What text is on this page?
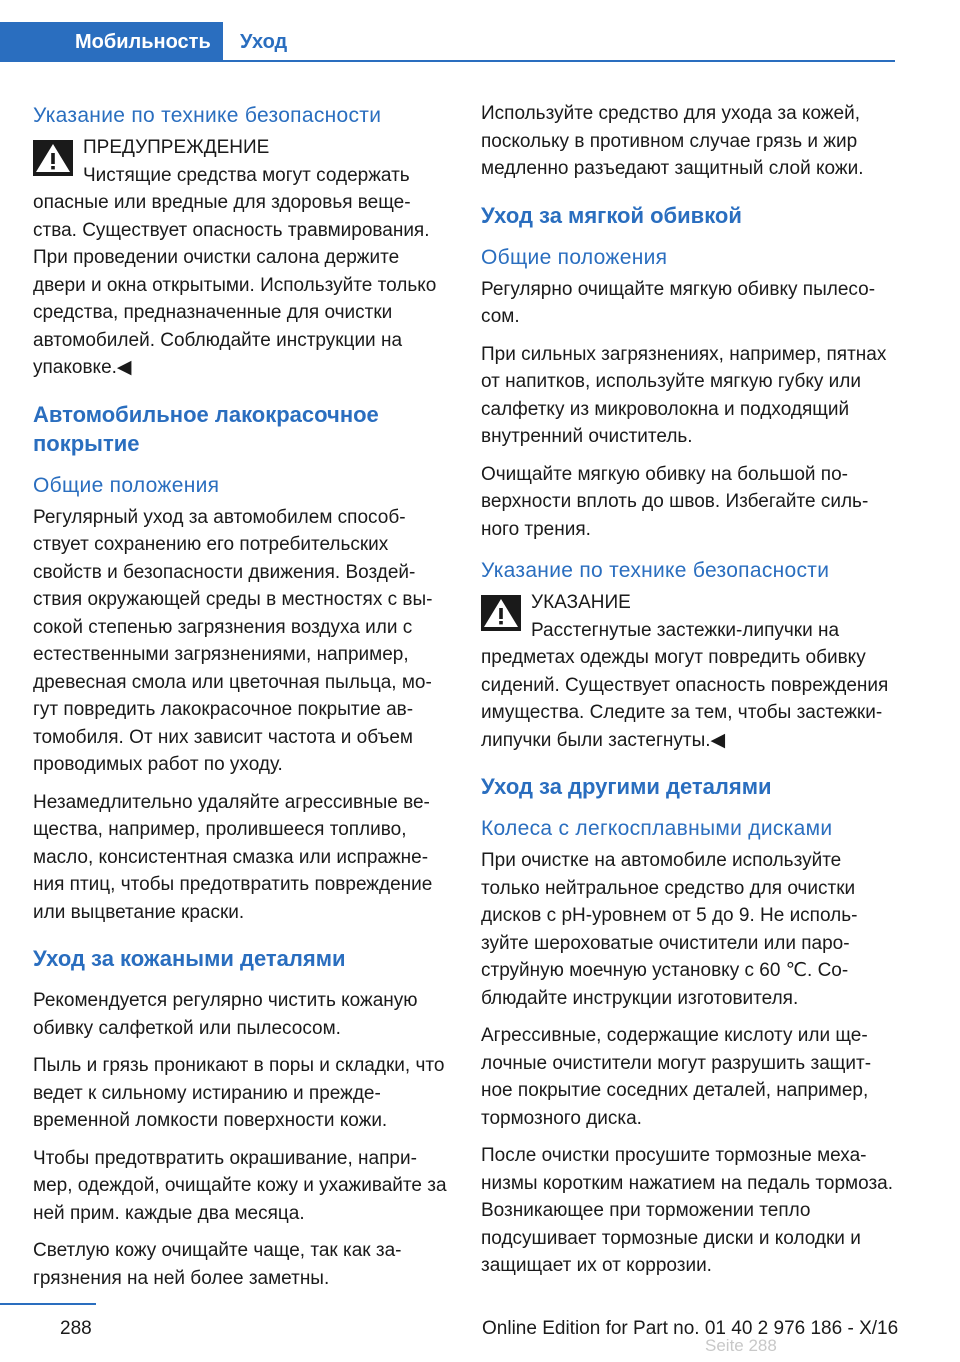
Мобильность	Уход
Указание по технике безопасности
ПРЕДУПРЕЖДЕНИЕ
Чистящие средства могут содержать опасные или вредные для здоровья вещества. Существует опасность травмирования. При проведении очистки салона держите двери и окна открытыми. Используйте только средства, предназначенные для очистки автомобилей. Соблюдайте инструкции на упаковке.◀
Автомобильное лакокрасочное покрытие
Общие положения

Регулярный уход за автомобилем способствует сохранению его потребительских свойств и безопасности движения. Воздействия окружающей среды в местностях с высокой степенью загрязнения воздуха или с естественными загрязнениями, например, древесная смола или цветочная пыльца, могут повредить лакокрасочное покрытие автомобиля. От них зависит частота и объем проводимых работ по уходу.

Незамедлительно удаляйте агрессивные вещества, например, пролившееся топливо, масло, консистентная смазка или испражнения птиц, чтобы предотвратить повреждение или выцветание краски.

Уход за кожаными деталями

Рекомендуется регулярно чистить кожаную обивку салфеткой или пылесосом.

Пыль и грязь проникают в поры и складки, что ведет к сильному истиранию и преждевременной ломкости поверхности кожи.

Чтобы предотвратить окрашивание, например, одеждой, очищайте кожу и ухаживайте за ней прим. каждые два месяца.

Светлую кожу очищайте чаще, так как загрязнения на ней более заметны.

Используйте средство для ухода за кожей, поскольку в противном случае грязь и жир медленно разъедают защитный слой кожи.

Уход за мягкой обивкой
Общие положения

Регулярно очищайте мягкую обивку пылесосом.

При сильных загрязнениях, например, пятнах от напитков, используйте мягкую губку или салфетку из микроволокна и подходящий внутренний очиститель.

Очищайте мягкую обивку на большой поверхности вплоть до швов. Избегайте сильного трения.

Указание по технике безопасности
УКАЗАНИЕ
Расстегнутые застежки-липучки на предметах одежды могут повредить обивку сидений. Существует опасность повреждения имущества. Следите за тем, чтобы застежки-липучки были застегнуты.◀
Уход за другими деталями
Колеса с легкосплавными дисками

При очистке на автомобиле используйте только нейтральное средство для очистки дисков с pH-уровнем от 5 до 9. Не используйте шероховатые очистители или пароструйную моечную установку с 60 ℃. Соблюдайте инструкции изготовителя.

Агрессивные, содержащие кислоту или щелочные очистители могут разрушить защитное покрытие соседних деталей, например, тормозного диска.

После очистки просушите тормозные механизмы коротким нажатием на педаль тормоза. Возникающее при торможении тепло подсушивает тормозные диски и колодки и защищает их от коррозии.

288	Online Edition for Part no. 01 40 2 976 186 - X/16
Seite 288
